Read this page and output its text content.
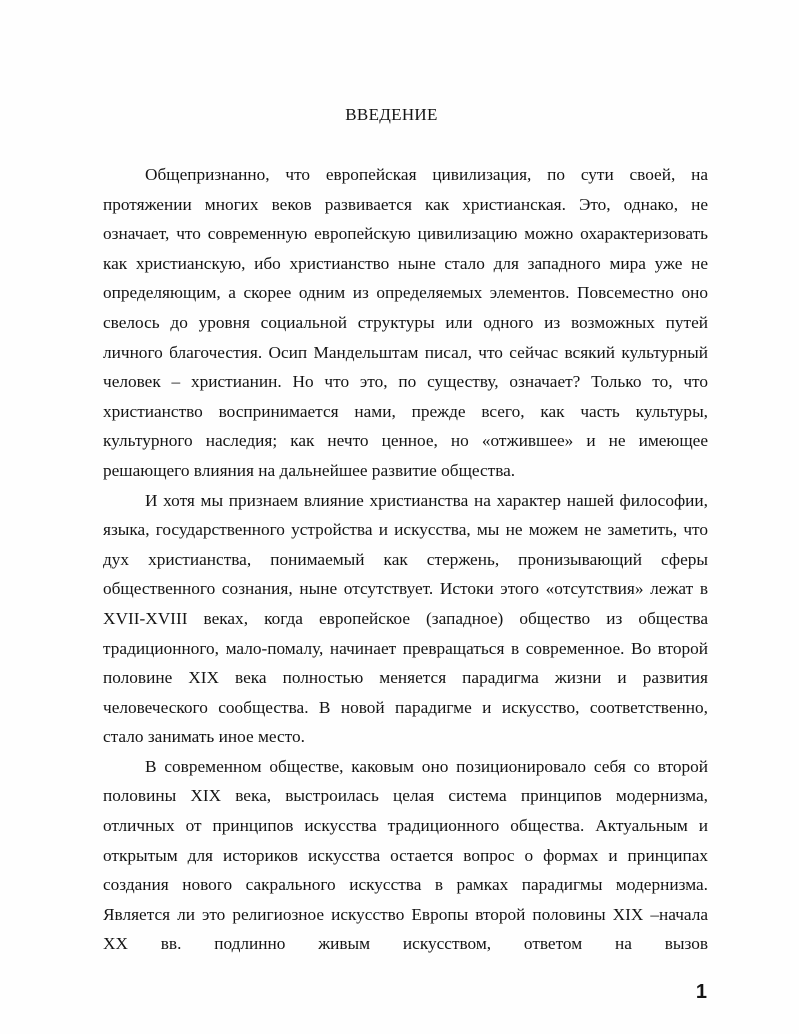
ВВЕДЕНИЕ

Общепризнанно, что европейская цивилизация, по сути своей, на протяжении многих веков развивается как христианская. Это, однако, не означает, что современную европейскую цивилизацию можно охарактеризовать как христианскую, ибо христианство ныне стало для западного мира уже не определяющим, а скорее одним из определяемых элементов. Повсеместно оно свелось до уровня социальной структуры или одного из возможных путей личного благочестия. Осип Мандельштам писал, что сейчас всякий культурный человек – христианин. Но что это, по существу, означает? Только то, что христианство воспринимается нами, прежде всего, как часть культуры, культурного наследия; как нечто ценное, но «отжившее» и не имеющее решающего влияния на дальнейшее развитие общества.

И хотя мы признаем влияние христианства на характер нашей философии, языка, государственного устройства и искусства, мы не можем не заметить, что дух христианства, понимаемый как стержень, пронизывающий сферы общественного сознания, ныне отсутствует. Истоки этого «отсутствия» лежат в XVII-XVIII веках, когда европейское (западное) общество из общества традиционного, мало-помалу, начинает превращаться в современное. Во второй половине XIX века полностью меняется парадигма жизни и развития человеческого сообщества. В новой парадигме и искусство, соответственно, стало занимать иное место.

В современном обществе, каковым оно позиционировало себя со второй половины XIX века, выстроилась целая система принципов модернизма, отличных от принципов искусства традиционного общества. Актуальным и открытым для историков искусства остается вопрос о формах и принципах создания нового сакрального искусства в рамках парадигмы модернизма. Является ли это религиозное искусство Европы второй половины XIX –начала XX вв. подлинно живым искусством, ответом на вызов

1
